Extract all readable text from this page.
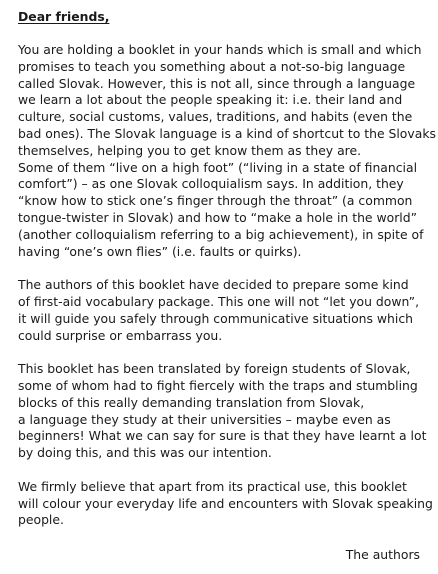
Dear friends,
You are holding a booklet in your hands which is small and which
promises to teach you something about a not-so-big language
called Slovak. However, this is not all, since through a language
we learn a lot about the people speaking it: i.e. their land and
culture, social customs, values, traditions, and habits (even the
bad ones). The Slovak language is a kind of shortcut to the Slovaks
themselves, helping you to get know them as they are.
Some of them “live on a high foot” (“living in a state of financial
comfort”) – as one Slovak colloquialism says. In addition, they
“know how to stick one’s finger through the throat” (a common
tongue-twister in Slovak) and how to “make a hole in the world”
(another colloquialism referring to a big achievement), in spite of
having “one’s own flies” (i.e. faults or quirks).
The authors of this booklet have decided to prepare some kind
of first-aid vocabulary package. This one will not “let you down”,
it will guide you safely through communicative situations which
could surprise or embarrass you.
This booklet has been translated by foreign students of Slovak,
some of whom had to fight fiercely with the traps and stumbling
blocks of this really demanding translation from Slovak,
a language they study at their universities – maybe even as
beginners! What we can say for sure is that they have learnt a lot
by doing this, and this was our intention.
We firmly believe that apart from its practical use, this booklet
will colour your everyday life and encounters with Slovak speaking
people.
The authors
